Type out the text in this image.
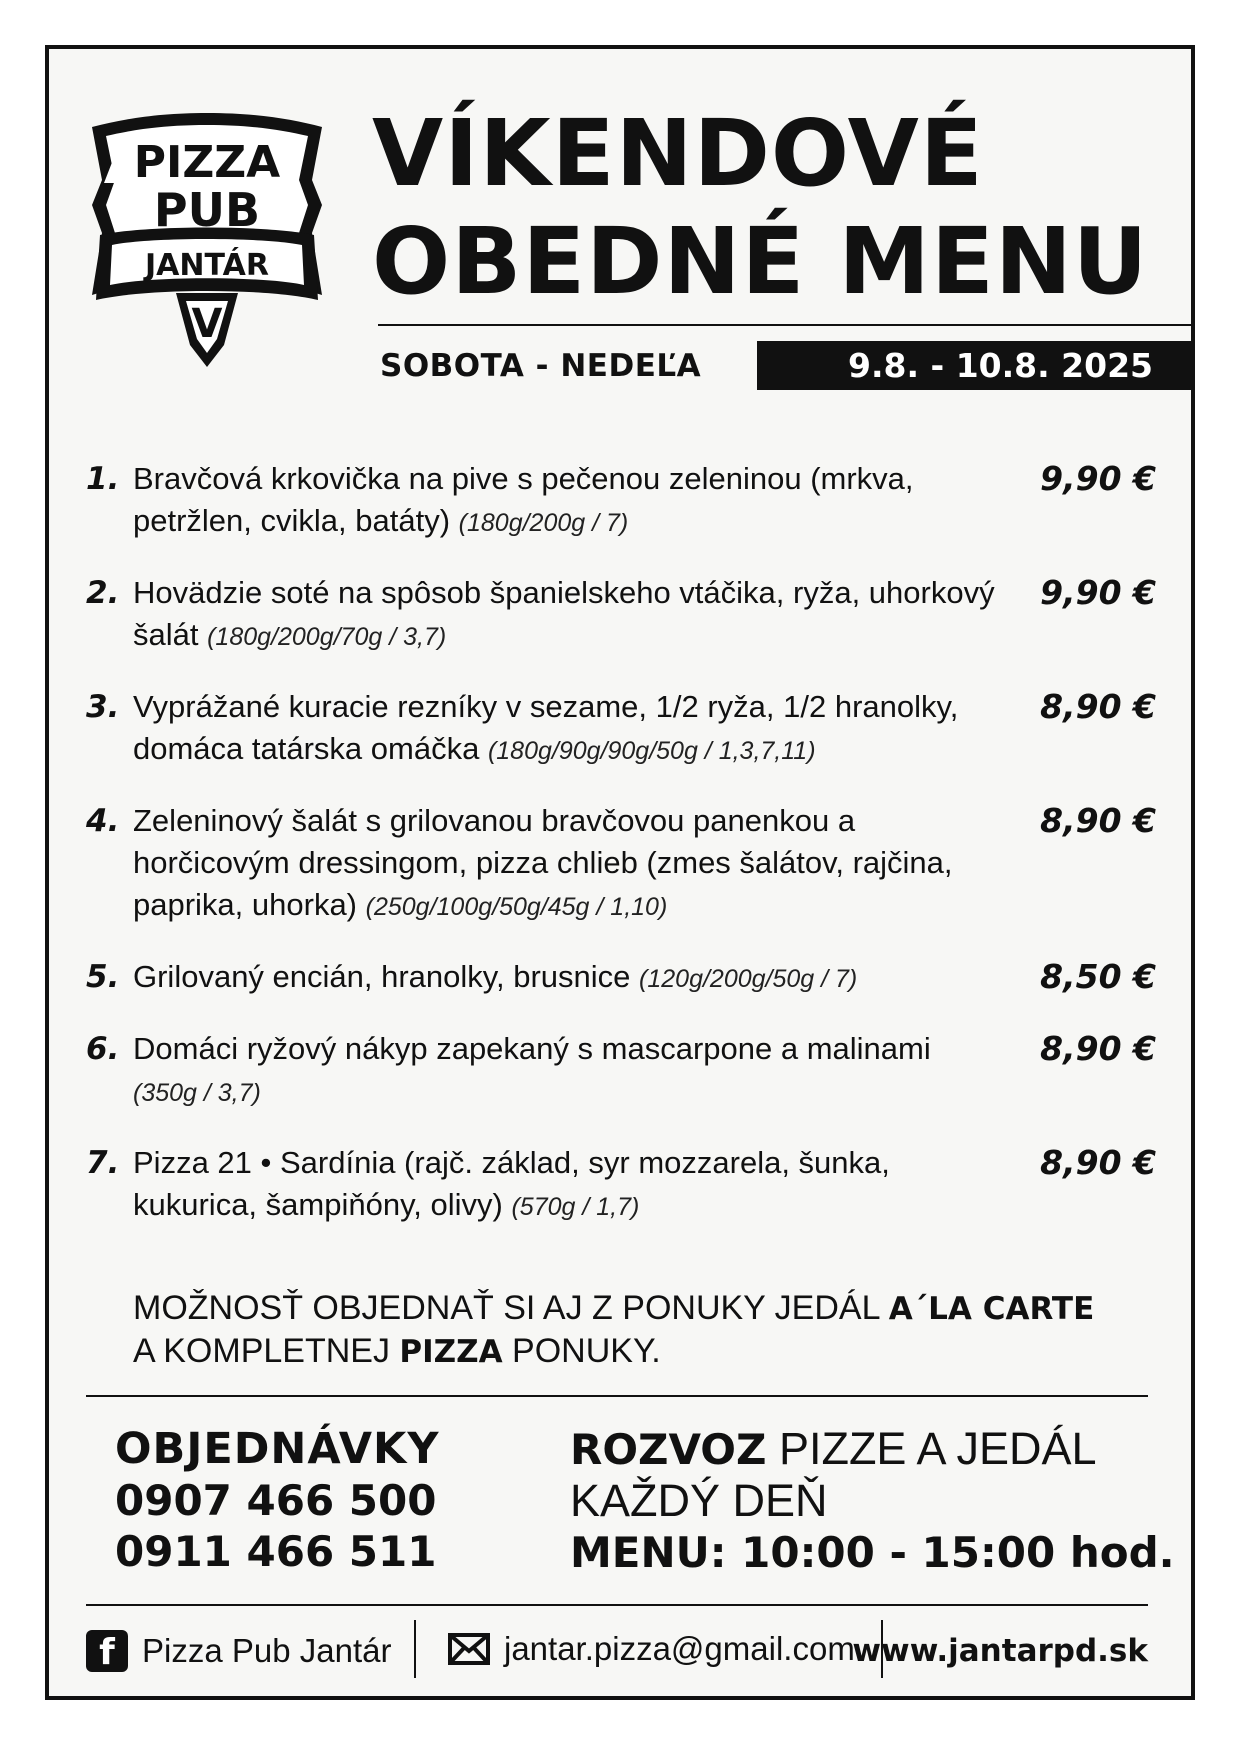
PIZZA
PUB
JANTÁR
V
VÍKENDOVÉ
OBEDNÉ MENU
SOBOTA - NEDEĽA	9.8. - 10.8. 2025
1. Bravčová krkovička na pive s pečenou zeleninou (mrkva, petržlen, cvikla, batáty) (180g/200g / 7)
9,90 €
2. Hovädzie soté na spôsob španielskeho vtáčika, ryža, uhorkový šalát (180g/200g/70g / 3,7)
9,90 €
3. Vyprážané kuracie rezníky v sezame, 1/2 ryža, 1/2 hranolky, domáca tatárska omáčka (180g/90g/90g/50g / 1,3,7,11)
8,90 €
4. Zeleninový šalát s grilovanou bravčovou panenkou a horčicovým dressingom, pizza chlieb (zmes šalátov, rajčina, paprika, uhorka) (250g/100g/50g/45g / 1,10)
8,90 €
5. Grilovaný encián, hranolky, brusnice (120g/200g/50g / 7)	8,50 €
6. Domáci ryžový nákyp zapekaný s mascarpone a malinami
(350g / 3,7)
8,90 €
7. Pizza 21 • Sardínia (rajč. základ, syr mozzarela, šunka, kukurica, šampiňóny, olivy) (570g / 1,7)
8,90 €
MOŽNOSŤ OBJEDNAŤ SI AJ Z PONUKY JEDÁL A´LA CARTE
A KOMPLETNEJ PIZZA PONUKY.
OBJEDNÁVKY
0907 466 500
0911 466 511
ROZVOZ PIZZE A JEDÁL
KAŽDÝ DEŇ
MENU: 10:00 - 15:00 hod.
f Pizza Pub Jantár	jantar.pizza@gmail.com
www.jantarpd.sk
